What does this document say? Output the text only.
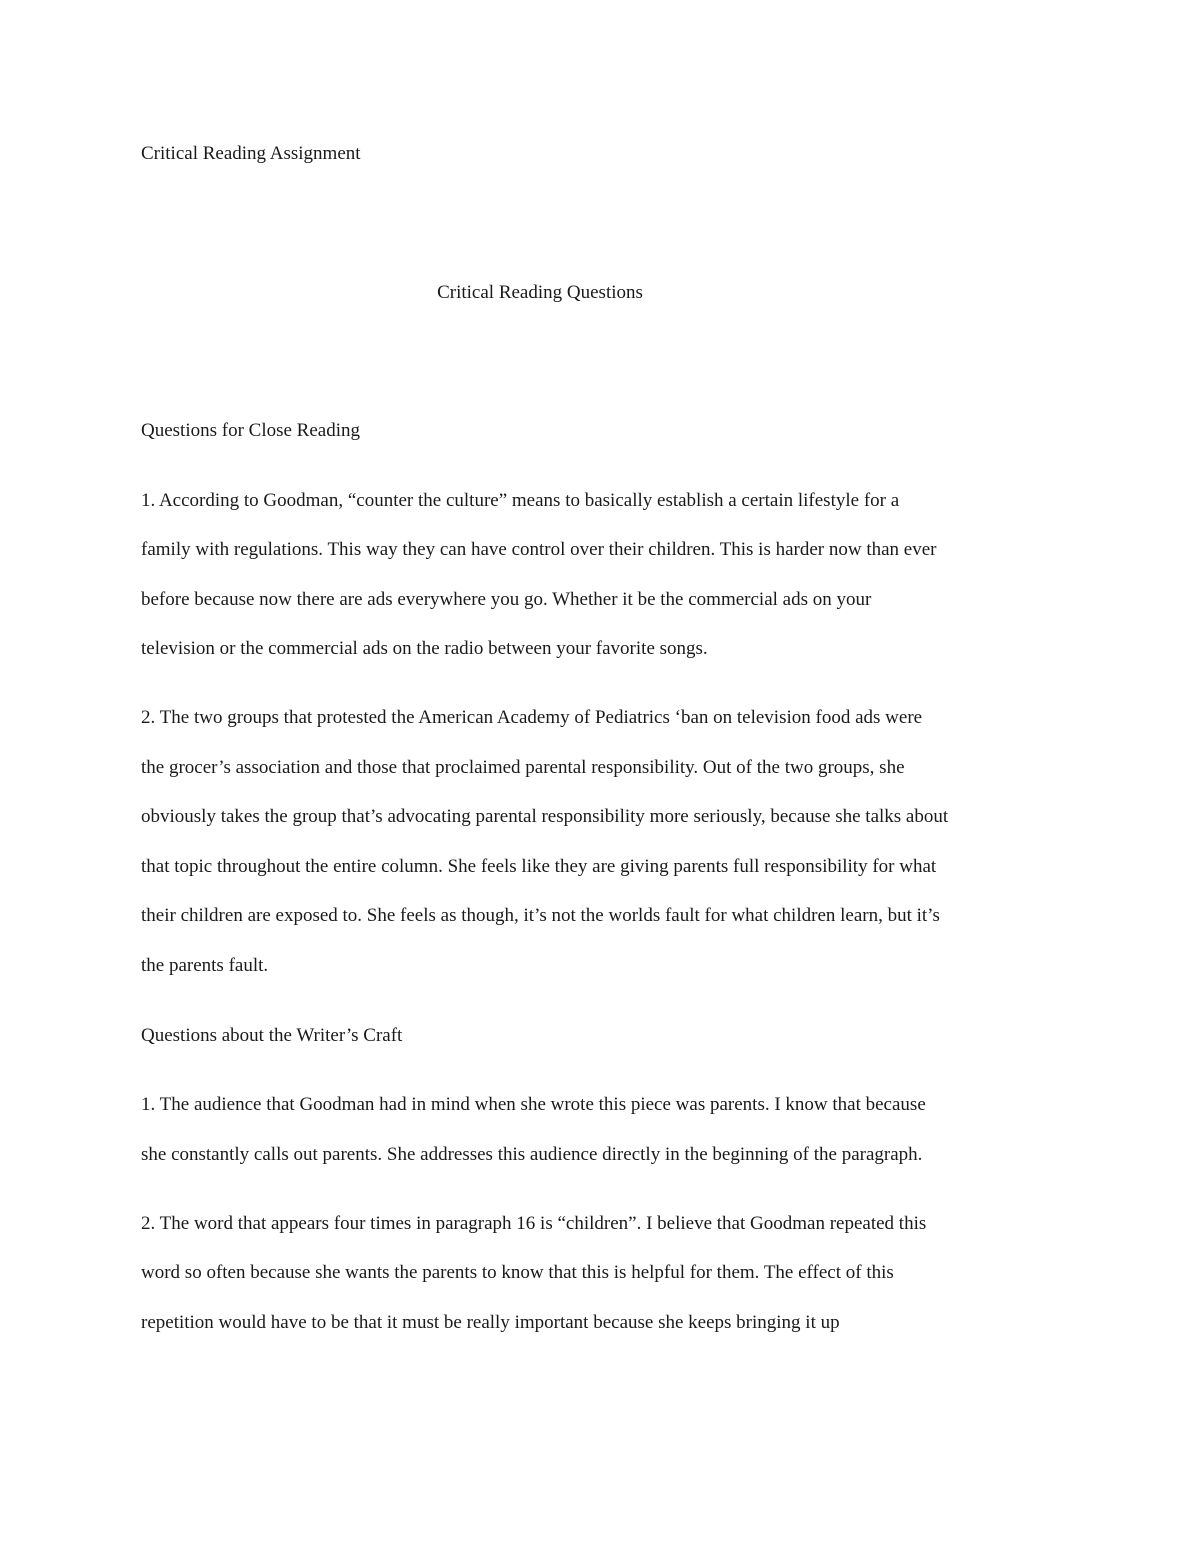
Critical Reading Assignment
Critical Reading Questions
Questions for Close Reading
1. According to Goodman, “counter the culture” means to basically establish a certain lifestyle for a
family with regulations. This way they can have control over their children. This is harder now than ever
before because now there are ads everywhere you go. Whether it be the commercial ads on your
television or the commercial ads on the radio between your favorite songs.
2. The two groups that protested the American Academy of Pediatrics ‘ban on television food ads were
the grocer’s association and those that proclaimed parental responsibility. Out of the two groups, she
obviously takes the group that’s advocating parental responsibility more seriously, because she talks about
that topic throughout the entire column. She feels like they are giving parents full responsibility for what
their children are exposed to. She feels as though, it’s not the worlds fault for what children learn, but it’s
the parents fault.
Questions about the Writer’s Craft
1. The audience that Goodman had in mind when she wrote this piece was parents. I know that because
she constantly calls out parents. She addresses this audience directly in the beginning of the paragraph.
2. The word that appears four times in paragraph 16 is “children”. I believe that Goodman repeated this
word so often because she wants the parents to know that this is helpful for them. The effect of this
repetition would have to be that it must be really important because she keeps bringing it up
